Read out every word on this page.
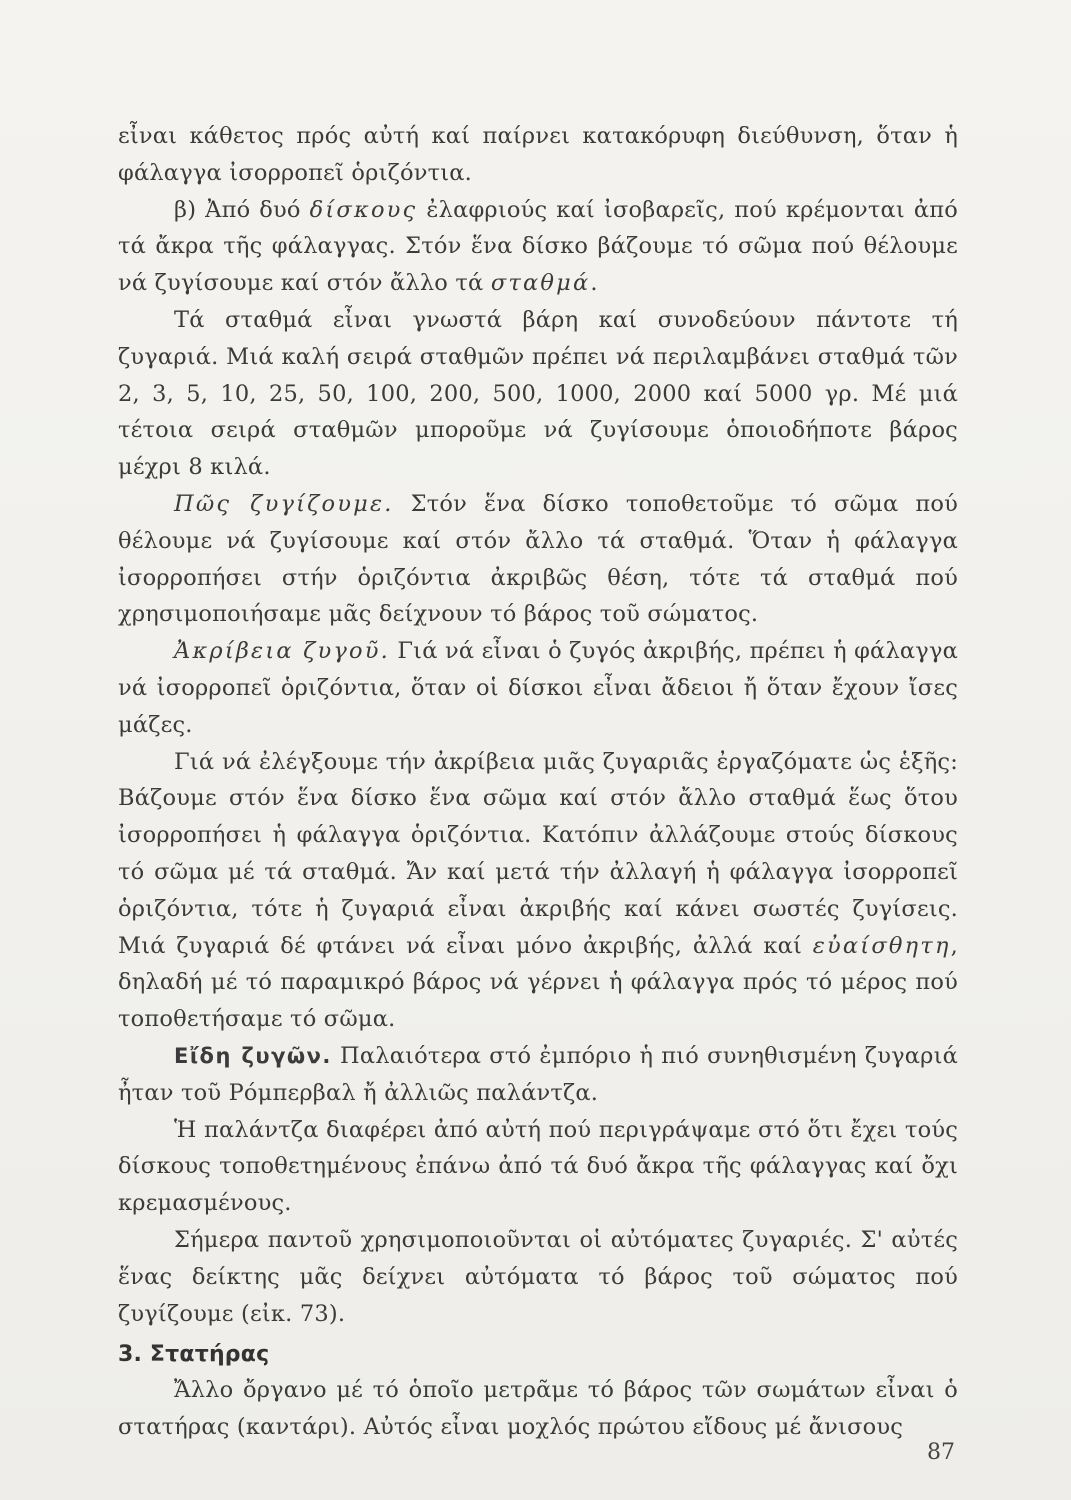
εἶναι κάθετος πρός αὐτή καί παίρνει κατακόρυφη διεύθυνση, ὅταν ἡ φάλαγγα ἰσορροπεῖ ὁριζόντια.

β) Ἀπό δυό δίσκους ἐλαφριούς καί ἰσοβαρεῖς, πού κρέμονται ἀπό τά ἄκρα τῆς φάλαγγας. Στόν ἕνα δίσκο βάζουμε τό σῶμα πού θέλουμε νά ζυγίσουμε καί στόν ἄλλο τά σταθμά.

Τά σταθμά εἶναι γνωστά βάρη καί συνοδεύουν πάντοτε τή ζυγαριά. Μιά καλή σειρά σταθμῶν πρέπει νά περιλαμβάνει σταθμά τῶν 2, 3, 5, 10, 25, 50, 100, 200, 500, 1000, 2000 καί 5000 γρ. Μέ μιά τέτοια σειρά σταθμῶν μποροῦμε νά ζυγίσουμε ὁποιοδήποτε βάρος μέχρι 8 κιλά.

Πῶς ζυγίζουμε. Στόν ἕνα δίσκο τοποθετοῦμε τό σῶμα πού θέλουμε νά ζυγίσουμε καί στόν ἄλλο τά σταθμά. Ὅταν ἡ φάλαγγα ἰσορροπήσει στήν ὁριζόντια ἀκριβῶς θέση, τότε τά σταθμά πού χρησιμοποιήσαμε μᾶς δείχνουν τό βάρος τοῦ σώματος.

Ἀκρίβεια ζυγοῦ. Γιά νά εἶναι ὁ ζυγός ἀκριβής, πρέπει ἡ φάλαγγα νά ἰσορροπεῖ ὁριζόντια, ὅταν οἱ δίσκοι εἶναι ἄδειοι ἤ ὅταν ἔχουν ἴσες μάζες.

Γιά νά ἐλέγξουμε τήν ἀκρίβεια μιᾶς ζυγαριᾶς ἐργαζόματε ὡς ἑξῆς: Βάζουμε στόν ἕνα δίσκο ἕνα σῶμα καί στόν ἄλλο σταθμά ἕως ὅτου ἰσορροπήσει ἡ φάλαγγα ὁριζόντια. Κατόπιν ἀλλάζουμε στούς δίσκους τό σῶμα μέ τά σταθμά. Ἄν καί μετά τήν ἀλλαγή ἡ φάλαγγα ἰσορροπεῖ ὁριζόντια, τότε ἡ ζυγαριά εἶναι ἀκριβής καί κάνει σωστές ζυγίσεις. Μιά ζυγαριά δέ φτάνει νά εἶναι μόνο ἀκριβής, ἀλλά καί εὐαίσθητη, δηλαδή μέ τό παραμικρό βάρος νά γέρνει ἡ φάλαγγα πρός τό μέρος πού τοποθετήσαμε τό σῶμα.

Εἴδη ζυγῶν. Παλαιότερα στό ἐμπόριο ἡ πιό συνηθισμένη ζυγαριά ἦταν τοῦ Ρόμπερβαλ ἤ ἀλλιῶς παλάντζα.

Ἡ παλάντζα διαφέρει ἀπό αὐτή πού περιγράψαμε στό ὅτι ἔχει τούς δίσκους τοποθετημένους ἐπάνω ἀπό τά δυό ἄκρα τῆς φάλαγγας καί ὄχι κρεμασμένους.

Σήμερα παντοῦ χρησιμοποιοῦνται οἱ αὐτόματες ζυγαριές. Σ' αὐτές ἕνας δείκτης μᾶς δείχνει αὐτόματα τό βάρος τοῦ σώματος πού ζυγίζουμε (εἰκ. 73).

3. Στατήρας

Ἄλλο ὄργανο μέ τό ὁποῖο μετρᾶμε τό βάρος τῶν σωμάτων εἶναι ὁ στατήρας (καντάρι). Αὐτός εἶναι μοχλός πρώτου εἴδους μέ ἄνισους

87
